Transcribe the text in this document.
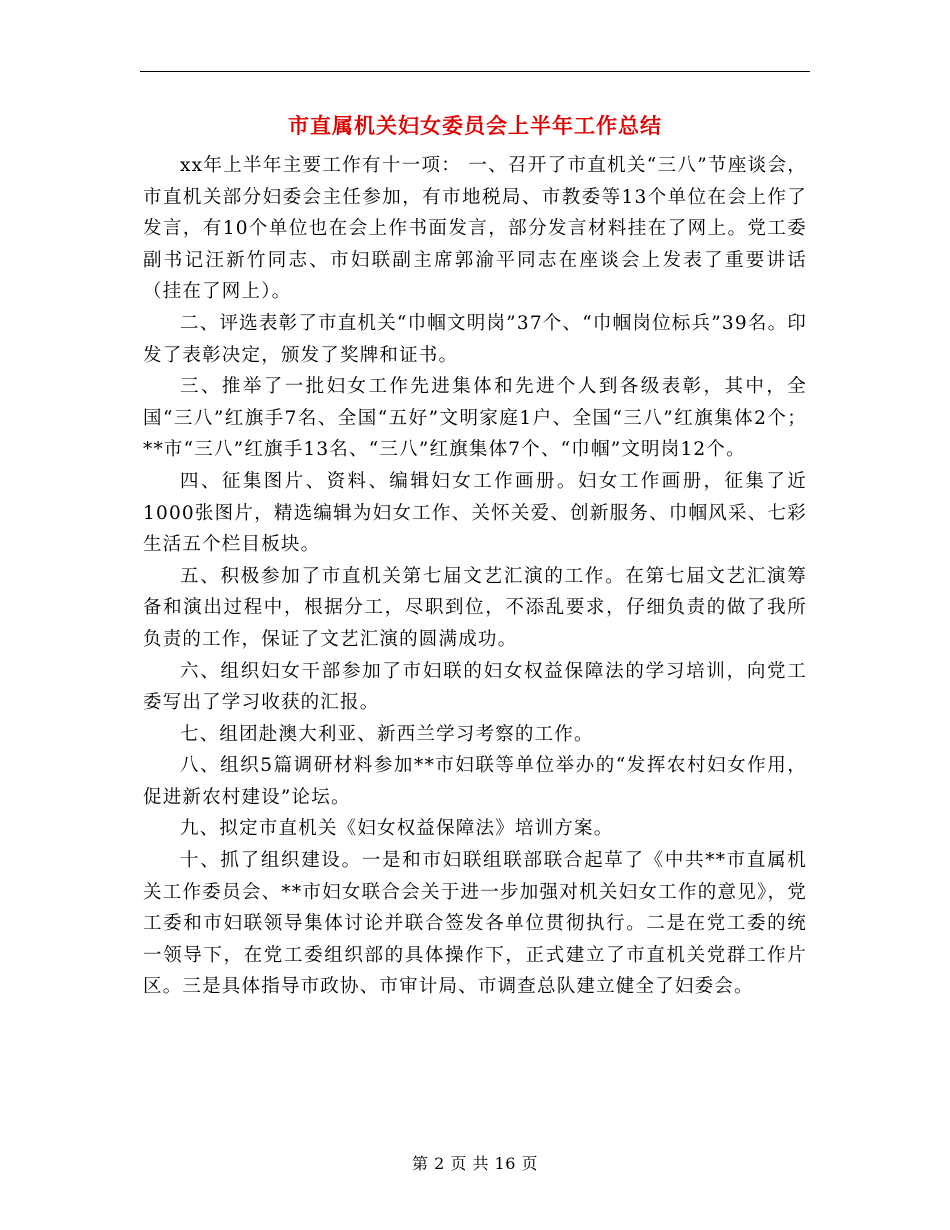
市直属机关妇女委员会上半年工作总结

xx年上半年主要工作有十一项： 一、召开了市直机关“三八”节座谈会，市直机关部分妇委会主任参加，有市地税局、市教委等13个单位在会上作了发言，有10个单位也在会上作书面发言，部分发言材料挂在了网上。党工委副书记汪新竹同志、市妇联副主席郭渝平同志在座谈会上发表了重要讲话（挂在了网上）。

二、评选表彰了市直机关“巾帼文明岗”37个、“巾帼岗位标兵”39名。印发了表彰决定，颁发了奖牌和证书。

三、推举了一批妇女工作先进集体和先进个人到各级表彰，其中，全国“三八”红旗手7名、全国“五好”文明家庭1户、全国“三八”红旗集体2个；**市“三八”红旗手13名、“三八”红旗集体7个、“巾帼”文明岗12个。

四、征集图片、资料、编辑妇女工作画册。妇女工作画册，征集了近1000张图片，精选编辑为妇女工作、关怀关爱、创新服务、巾帼风采、七彩生活五个栏目板块。

五、积极参加了市直机关第七届文艺汇演的工作。在第七届文艺汇演筹备和演出过程中，根据分工，尽职到位，不添乱要求，仔细负责的做了我所负责的工作，保证了文艺汇演的圆满成功。

六、组织妇女干部参加了市妇联的妇女权益保障法的学习培训，向党工委写出了学习收获的汇报。

七、组团赴澳大利亚、新西兰学习考察的工作。

八、组织5篇调研材料参加**市妇联等单位举办的“发挥农村妇女作用，促进新农村建设”论坛。

九、拟定市直机关《妇女权益保障法》培训方案。

十、抓了组织建设。一是和市妇联组联部联合起草了《中共**市直属机关工作委员会、**市妇女联合会关于进一步加强对机关妇女工作的意见》，党工委和市妇联领导集体讨论并联合签发各单位贯彻执行。二是在党工委的统一领导下，在党工委组织部的具体操作下，正式建立了市直机关党群工作片区。三是具体指导市政协、市审计局、市调查总队建立健全了妇委会。

第 2 页 共 16 页
